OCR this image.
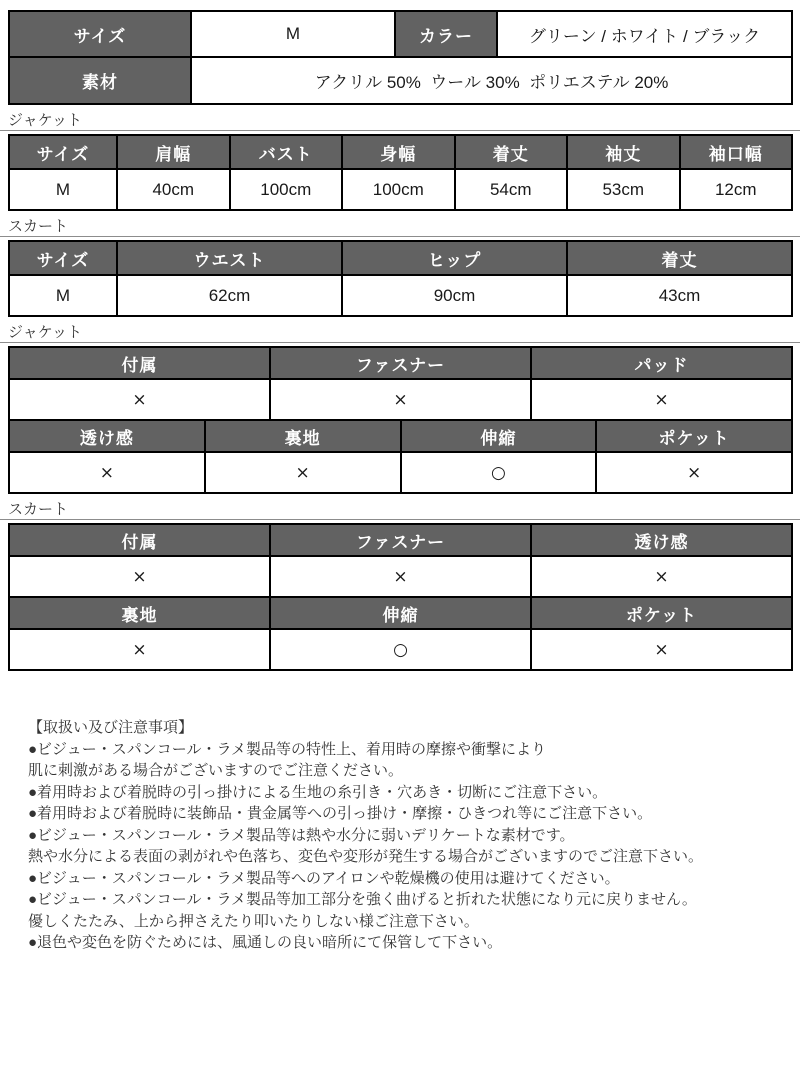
サイズ	M	カラー	グリーン / ホワイト / ブラック
素材	アクリル 50%  ウール 30%  ポリエステル 20%		
ジャケット
サイズ	肩幅	バスト	身幅	着丈	袖丈	袖口幅
M	40cm	100cm	100cm	54cm	53cm	12cm
スカート
サイズ	ウエスト	ヒップ	着丈
M	62cm	90cm	43cm
ジャケット
付属	ファスナー	パッド
×	×	×
透け感	裏地	伸縮	ポケット
×	×	○	×
スカート
付属	ファスナー	透け感
×	×	×
裏地	伸縮	ポケット
×	○	×
【取扱い及び注意事項】
●ビジュー・スパンコール・ラメ製品等の特性上、着用時の摩擦や衝撃により
肌に刺激がある場合がございますのでご注意ください。
●着用時および着脱時の引っ掛けによる生地の糸引き・穴あき・切断にご注意下さい。
●着用時および着脱時に装飾品・貴金属等への引っ掛け・摩擦・ひきつれ等にご注意下さい。
●ビジュー・スパンコール・ラメ製品等は熱や水分に弱いデリケートな素材です。
熱や水分による表面の剥がれや色落ち、変色や変形が発生する場合がございますのでご注意下さい。
●ビジュー・スパンコール・ラメ製品等へのアイロンや乾燥機の使用は避けてください。
●ビジュー・スパンコール・ラメ製品等加工部分を強く曲げると折れた状態になり元に戻りません。
優しくたたみ、上から押さえたり叩いたりしない様ご注意下さい。
●退色や変色を防ぐためには、風通しの良い暗所にて保管して下さい。
